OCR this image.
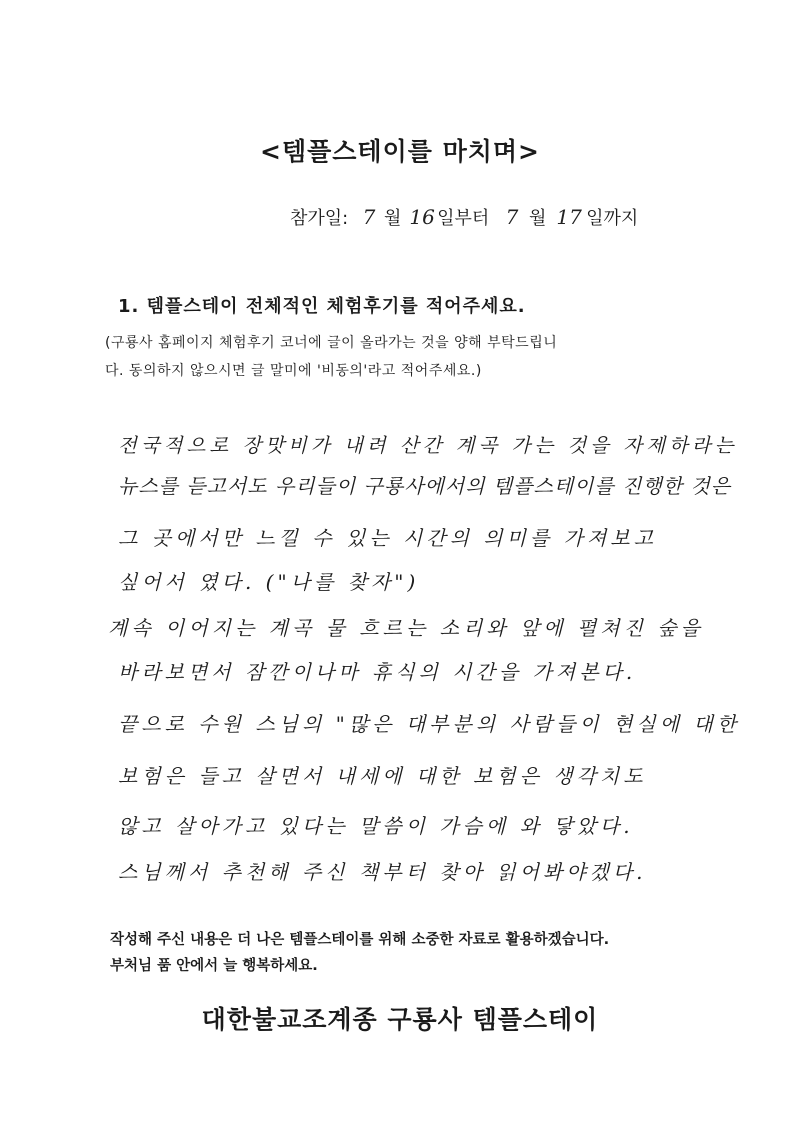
<템플스테이를 마치며>
참가일: 7 월 16 일부터 7 월 17 일까지
1. 템플스테이 전체적인 체험후기를 적어주세요.
(구룡사 홈페이지 체험후기 코너에 글이 올라가는 것을 양해 부탁드립니
다. 동의하지 않으시면 글 말미에 '비동의'라고 적어주세요.)
전국적으로 장맛비가 내려 산간 계곡 가는 것을 자제하라는
뉴스를 듣고서도 우리들이 구룡사에서의 템플스테이를 진행한 것은
그 곳에서만 느낄 수 있는 시간의 의미를 가져보고
싶어서 였다. ("나를 찾자")
계속 이어지는 계곡 물 흐르는 소리와 앞에 펼쳐진 숲을
바라보면서 잠깐이나마 휴식의 시간을 가져본다.
끝으로 수원 스님의 "많은 대부분의 사람들이 현실에 대한
보험은 들고 살면서 내세에 대한 보험은 생각치도
않고 살아가고 있다는 말씀이 가슴에 와 닿았다.
스님께서 추천해 주신 책부터 찾아 읽어봐야겠다.
작성해 주신 내용은 더 나은 템플스테이를 위해 소중한 자료로 활용하겠습니다.
부처님 품 안에서 늘 행복하세요.
대한불교조계종 구룡사 템플스테이
